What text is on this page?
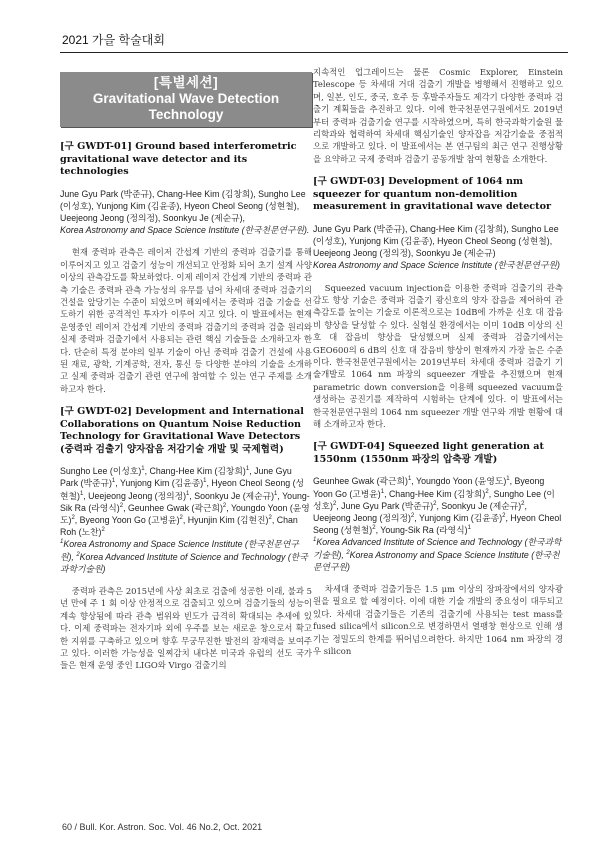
2021 가을 학술대회
[특별세션]
Gravitational Wave Detection
Technology
[구 GWDT-01] Ground based interferometric gravitational wave detector and its technologies

June Gyu Park (박준규), Chang-Hee Kim (김창희), Sungho Lee (이성호), Yunjong Kim (김윤종), Hyeon Cheol Seong (성현철), Ueejeong Jeong (정의정), Soonkyu Je (제순규),

Korea Astronomy and Space Science Institute (한국천문연구원).

현재 중력파 관측은 레이저 간섭계 기반의 중력파 검출기를 통해 이루어지고 있고 검출기 성능이 개선되고 안정화 되어 초기 설계 사양 이상의 관측감도를 확보하였다. 이제 레이저 간섭계 기반의 중력파 관측 기술은 중력파 관측 가능성의 유무를 넘어 차세대 중력파 검출기의 건설을 앞당기는 수준이 되었으며 해외에서는 중력파 검출 기술을 선도하기 위한 공격적인 투자가 이루어 지고 있다. 이 발표에서는 현재 운영중인 레이저 간섭계 기반의 중력파 검출기의 중력파 검출 원리와 실제 중력파 검출기에서 사용되는 관련 핵심 기술들을 소개하고자 한다. 단순히 특정 분야의 일부 기술이 아닌 중력파 검출기 건설에 사용된 재료, 광학, 기계공학, 전자, 통신 등 다양한 분야의 기술을 소개하고 실제 중력파 검출기 관련 연구에 참여할 수 있는 연구 주제를 소개하고자 한다.

[구 GWDT-02] Development and International Collaborations on Quantum Noise Reduction Technology for Gravitational Wave Detectors (중력파 검출기 양자잡음 저감기술 개발 및 국제협력)

Sungho Lee (이성호)$^1$, Chang-Hee Kim (김창희)$^1$, June Gyu Park (박준규)$^1$, Yunjong Kim (김윤종)$^1$, Hyeon Cheol Seong (성현철)$^1$, Ueejeong Jeong (정의정)$^1$, Soonkyu Je (제순규)$^1$, Young-Sik Ra (라영식)$^2$, Geunhee Gwak (곽근희)$^2$, Youngdo Yoon (윤영도)$^2$, Byeong Yoon Go (고병윤)$^2$, Hyunjin Kim (김현진)$^2$, Chan Roh (노찬)$^2$

$^1$Korea Astronomy and Space Science Institute (한국천문연구원), $^2$Korea Advanced Institute of Science and Technology (한국과학기술원)

중력파 관측은 2015년에 사상 최초로 검출에 성공한 이래, 불과 5년 만에 주 1 회 이상 안정적으로 검출되고 있으며 검출기들의 성능이 계속 향상됨에 따라 관측 범위와 빈도가 급격히 확대되는 추세에 있다. 이제 중력파는 전자기파 외에 우주를 보는 새로운 창으로서 확고한 지위를 구축하고 있으며 향후 무궁무진한 발전의 잠재력을 보여주고 있다. 이러한 가능성을 일찌감치 내다본 미국과 유럽의 선도 국가들은 현재 운영 중인 LIGO와 Virgo 검출기의

지속적인 업그레이드는 물론 Cosmic Explorer, Einstein Telescope 등 차세대 거대 검출기 개발을 병행해서 진행하고 있으며, 일본, 인도, 중국, 호주 등 후발주자들도 제각기 다양한 중력파 검출기 계획들을 추진하고 있다. 이에 한국천문연구원에서도 2019년부터 중력파 검출기술 연구를 시작하였으며, 특히 한국과학기술원 물리학과와 협력하여 차세대 핵심기술인 양자잡음 저감기술을 중점적으로 개발하고 있다. 이 발표에서는 본 연구팀의 최근 연구 진행상황을 요약하고 국제 중력파 검출기 공동개발 참여 현황을 소개한다.

[구 GWDT-03] Development of 1064 nm squeezer for quantum non-demolition measurement in gravitational wave detector

June Gyu Park (박준규), Chang-Hee Kim (김창희), Sungho Lee (이성호), Yunjong Kim (김윤종), Hyeon Cheol Seong (성현철), Ueejeong Jeong (정의정), Soonkyu Je (제순규)

Korea Astronomy and Space Science Institute (한국천문연구원)

Squeezed vacuum injection을 이용한 중력파 검출기의 관측감도 향상 기술은 중력파 검출기 광신호의 양자 잡음을 제어하여 관측감도를 높이는 기술로 이론적으로는 10dB에 가까운 신호 대 잡음비 향상을 달성할 수 있다. 실험실 환경에서는 이미 10dB 이상의 신호 대 잡음비 향상을 달성했으며 실제 중력파 검출기에서는 GEO600의 6 dB의 신호 대 잡음비 향상이 현재까지 가장 높은 수준이다. 한국천문연구원에서는 2019년부터 차세대 중력파 검출기 기술개발로 1064 nm 파장의 squeezer 개발을 추진했으며 현재 parametric down conversion을 이용해 squeezed vacuum을 생성하는 공진기를 제작하여 시험하는 단계에 있다. 이 발표에서는 한국천문연구원의 1064 nm squeezer 개발 연구와 개발 현황에 대해 소개하고자 한다.

[구 GWDT-04] Squeezed light generation at 1550nm (1550nm 파장의 압축광 개발)

Geunhee Gwak (곽근희)$^1$, Youngdo Yoon (윤영도)$^1$, Byeong Yoon Go (고병윤)$^1$, Chang-Hee Kim (김창희)$^2$, Sungho Lee (이성호)$^2$, June Gyu Park (박준규)$^2$, Soonkyu Je (제순규)$^2$, Ueejeong Jeong (정의정)$^2$, Yunjong Kim (김윤종)$^2$, Hyeon Cheol Seong (성현철)$^2$, Young-Sik Ra (라영식)$^1$

$^1$Korea Advanced Institute of Science and Technology (한국과학기술원), $^2$Korea Astronomy and Space Science Institute (한국천문연구원)

차세대 중력파 검출기들은 1.5 μm 이상의 장파장에서의 양자광원을 필요로 할 예정이다. 이에 대한 기술 개발의 중요성이 대두되고 있다. 차세대 검출기들은 기존의 검출기에 사용되는 test mass를 fused silica에서 silicon으로 변경하면서 열팽창 현상으로 인해 생기는 정밀도의 한계를 뛰어넘으려한다. 하지만 1064 nm 파장의 경우 silicon

60 / Bull. Kor. Astron. Soc. Vol. 46 No.2, Oct. 2021
